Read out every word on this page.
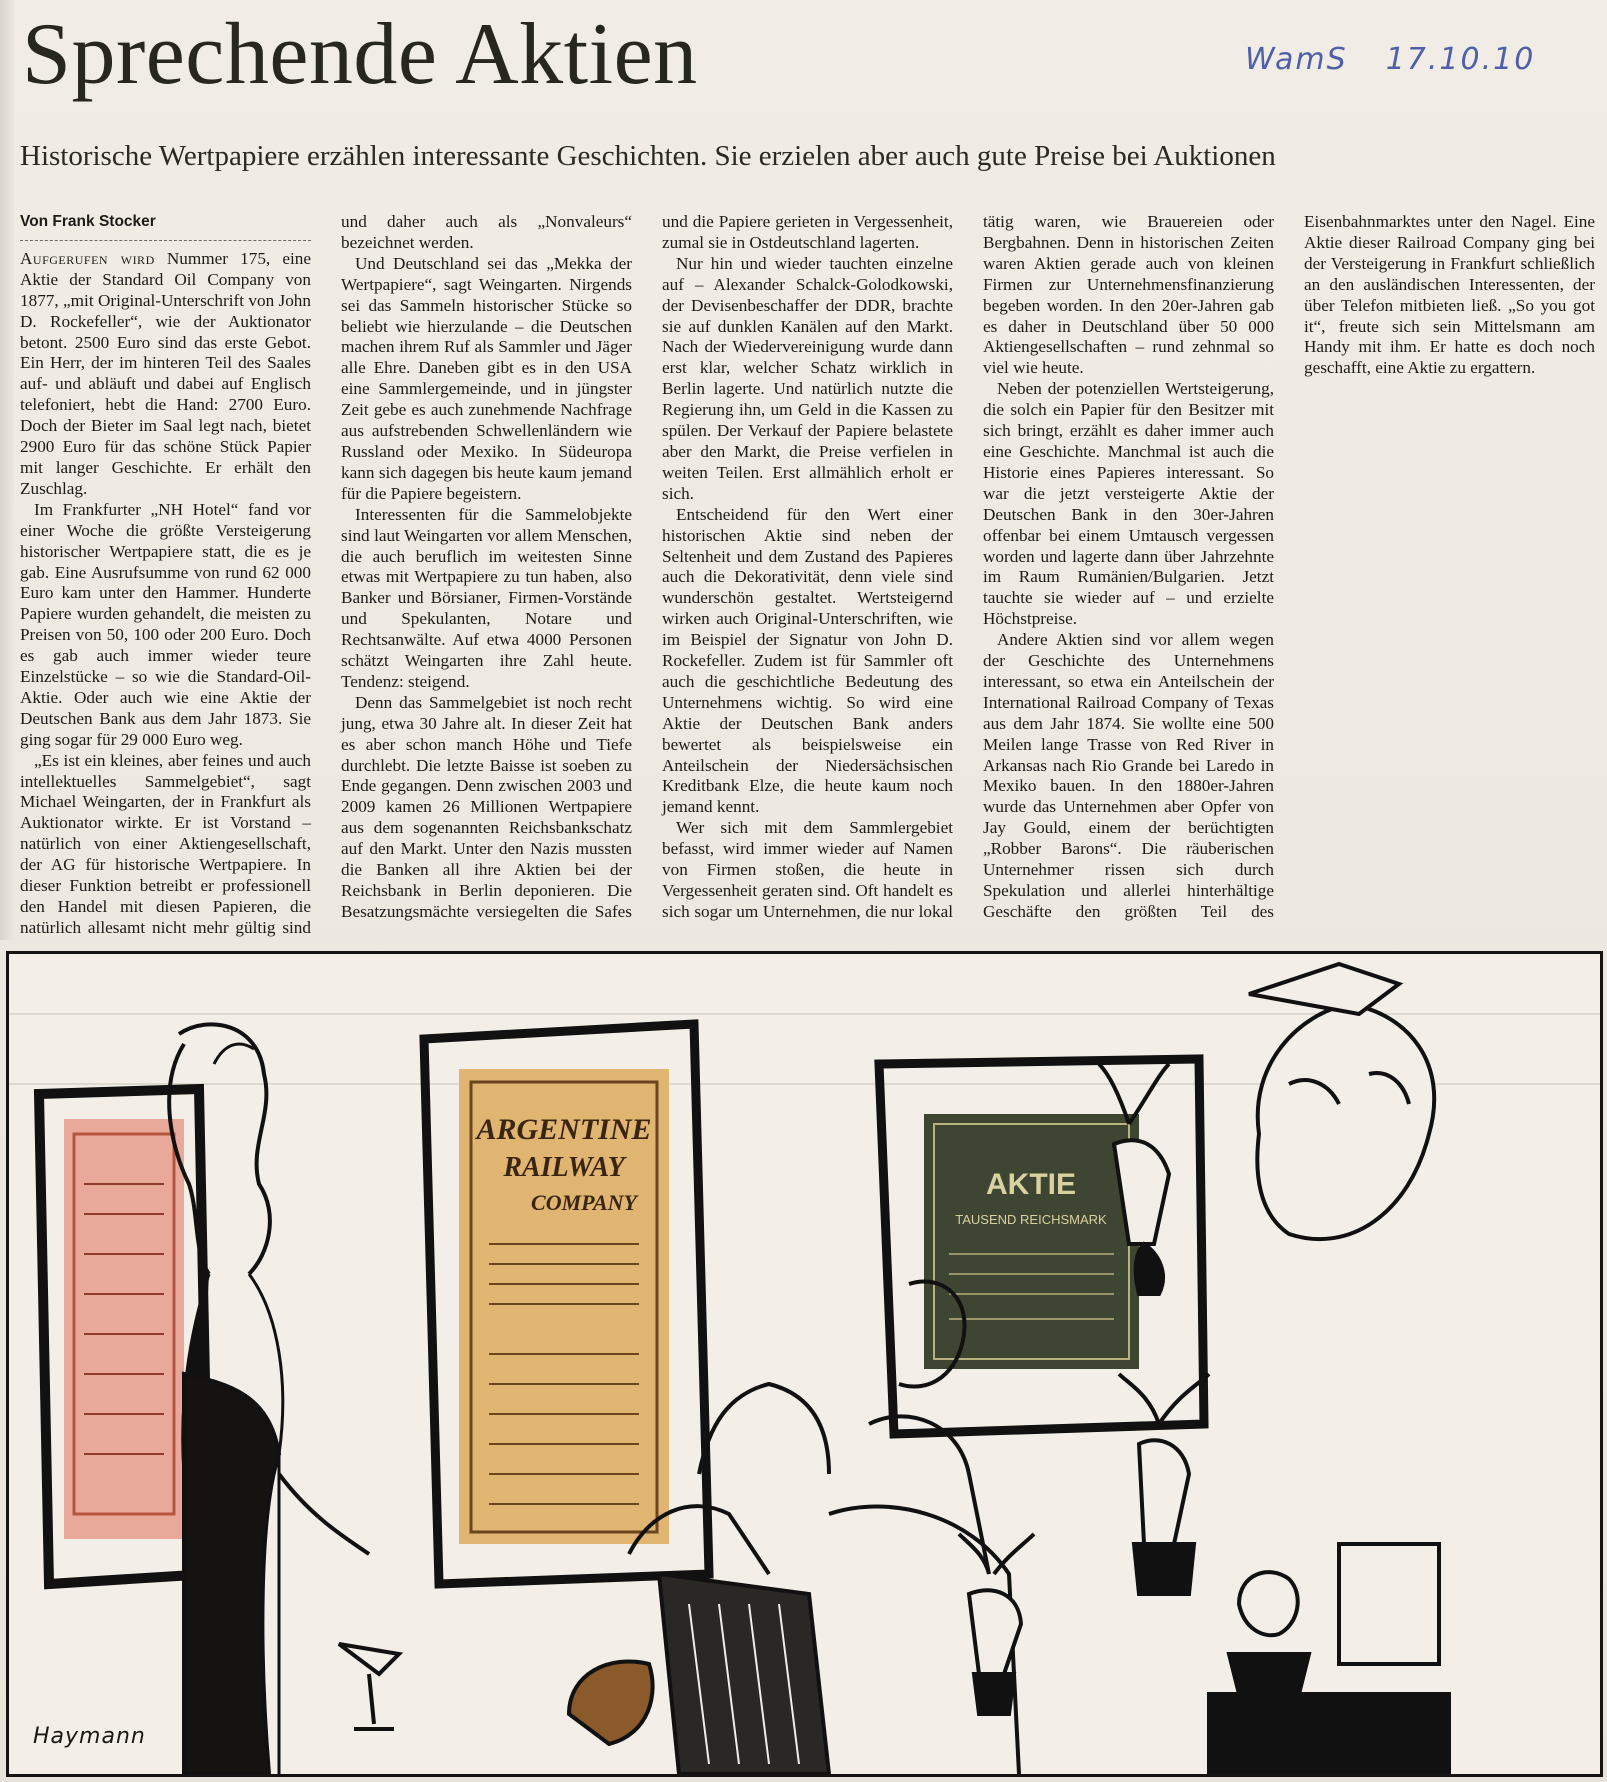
Sprechende Aktien	WamS 17.10.10
Historische Wertpapiere erzählen interessante Geschichten. Sie erzielen aber auch gute Preise bei Auktionen
Von Frank Stocker

Aufgerufen wird Nummer 175, eine Aktie der Standard Oil Company von 1877, „mit Original-Unterschrift von John D. Rockefeller“, wie der Auktionator betont. 2500 Euro sind das erste Gebot. Ein Herr, der im hinteren Teil des Saales auf- und abläuft und dabei auf Englisch telefoniert, hebt die Hand: 2700 Euro. Doch der Bieter im Saal legt nach, bietet 2900 Euro für das schöne Stück Papier mit langer Geschichte. Er erhält den Zuschlag.

Im Frankfurter „NH Hotel“ fand vor einer Woche die größte Versteigerung historischer Wertpapiere statt, die es je gab. Eine Ausrufsumme von rund 62 000 Euro kam unter den Hammer. Hunderte Papiere wurden gehandelt, die meisten zu Preisen von 50, 100 oder 200 Euro. Doch es gab auch immer wieder teure Einzelstücke – so wie die Standard-Oil-Aktie. Oder auch wie eine Aktie der Deutschen Bank aus dem Jahr 1873. Sie ging sogar für 29 000 Euro weg.

„Es ist ein kleines, aber feines und auch intellektuelles Sammelgebiet“, sagt Michael Weingarten, der in Frankfurt als Auktionator wirkte. Er ist Vorstand – natürlich von einer Aktiengesellschaft, der AG für historische Wertpapiere. In dieser Funktion betreibt er professionell den Handel mit diesen Papieren, die natürlich allesamt nicht mehr gültig sind und daher auch als „Nonvaleurs“ bezeichnet werden.

Und Deutschland sei das „Mekka der Wertpapiere“, sagt Weingarten. Nirgends sei das Sammeln historischer Stücke so beliebt wie hierzulande – die Deutschen machen ihrem Ruf als Sammler und Jäger alle Ehre. Daneben gibt es in den USA eine Sammlergemeinde, und in jüngster Zeit gebe es auch zunehmende Nachfrage aus aufstrebenden Schwellenländern wie Russland oder Mexiko. In Südeuropa kann sich dagegen bis heute kaum jemand für die Papiere begeistern.

Interessenten für die Sammelobjekte sind laut Weingarten vor allem Menschen, die auch beruflich im weitesten Sinne etwas mit Wertpapiere zu tun haben, also Banker und Börsianer, Firmen-Vorstände und Spekulanten, Notare und Rechtsanwälte. Auf etwa 4000 Personen schätzt Weingarten ihre Zahl heute. Tendenz: steigend.

Denn das Sammelgebiet ist noch recht jung, etwa 30 Jahre alt. In dieser Zeit hat es aber schon manch Höhe und Tiefe durchlebt. Die letzte Baisse ist soeben zu Ende gegangen. Denn zwischen 2003 und 2009 kamen 26 Millionen Wertpapiere aus dem sogenannten Reichsbankschatz auf den Markt. Unter den Nazis mussten die Banken all ihre Aktien bei der Reichsbank in Berlin deponieren. Die Besatzungsmächte versiegelten die Safes und die Papiere gerieten in Vergessenheit, zumal sie in Ostdeutschland lagerten.

Nur hin und wieder tauchten einzelne auf – Alexander Schalck-Golodkowski, der Devisenbeschaffer der DDR, brachte sie auf dunklen Kanälen auf den Markt. Nach der Wiedervereinigung wurde dann erst klar, welcher Schatz wirklich in Berlin lagerte. Und natürlich nutzte die Regierung ihn, um Geld in die Kassen zu spülen. Der Verkauf der Papiere belastete aber den Markt, die Preise verfielen in weiten Teilen. Erst allmählich erholt er sich.

Entscheidend für den Wert einer historischen Aktie sind neben der Seltenheit und dem Zustand des Papieres auch die Dekorativität, denn viele sind wunderschön gestaltet. Wertsteigernd wirken auch Original-Unterschriften, wie im Beispiel der Signatur von John D. Rockefeller. Zudem ist für Sammler oft auch die geschichtliche Bedeutung des Unternehmens wichtig. So wird eine Aktie der Deutschen Bank anders bewertet als beispielsweise ein Anteilschein der Niedersächsischen Kreditbank Elze, die heute kaum noch jemand kennt.

Wer sich mit dem Sammlergebiet befasst, wird immer wieder auf Namen von Firmen stoßen, die heute in Vergessenheit geraten sind. Oft handelt es sich sogar um Unternehmen, die nur lokal tätig waren, wie Brauereien oder Bergbahnen. Denn in historischen Zeiten waren Aktien gerade auch von kleinen Firmen zur Unternehmensfinanzierung begeben worden. In den 20er-Jahren gab es daher in Deutschland über 50 000 Aktiengesellschaften – rund zehnmal so viel wie heute.

Neben der potenziellen Wertsteigerung, die solch ein Papier für den Besitzer mit sich bringt, erzählt es daher immer auch eine Geschichte. Manchmal ist auch die Historie eines Papieres interessant. So war die jetzt versteigerte Aktie der Deutschen Bank in den 30er-Jahren offenbar bei einem Umtausch vergessen worden und lagerte dann über Jahrzehnte im Raum Rumänien/Bulgarien. Jetzt tauchte sie wieder auf – und erzielte Höchstpreise.

Andere Aktien sind vor allem wegen der Geschichte des Unternehmens interessant, so etwa ein Anteilschein der International Railroad Company of Texas aus dem Jahr 1874. Sie wollte eine 500 Meilen lange Trasse von Red River in Arkansas nach Rio Grande bei Laredo in Mexiko bauen. In den 1880er-Jahren wurde das Unternehmen aber Opfer von Jay Gould, einem der berüchtigten „Robber Barons“. Die räuberischen Unternehmer rissen sich durch Spekulation und allerlei hinterhältige Geschäfte den größten Teil des Eisenbahnmarktes unter den Nagel. Eine Aktie dieser Railroad Company ging bei der Versteigerung in Frankfurt schließlich an den ausländischen Interessenten, der über Telefon mitbieten ließ. „So you got it“, freute sich sein Mittelsmann am Handy mit ihm. Er hatte es doch noch geschafft, eine Aktie zu ergattern.

ARGENTINE
RAILWAY
COMPANY
AKTIE
TAUSEND REICHSMARK
Haymann
